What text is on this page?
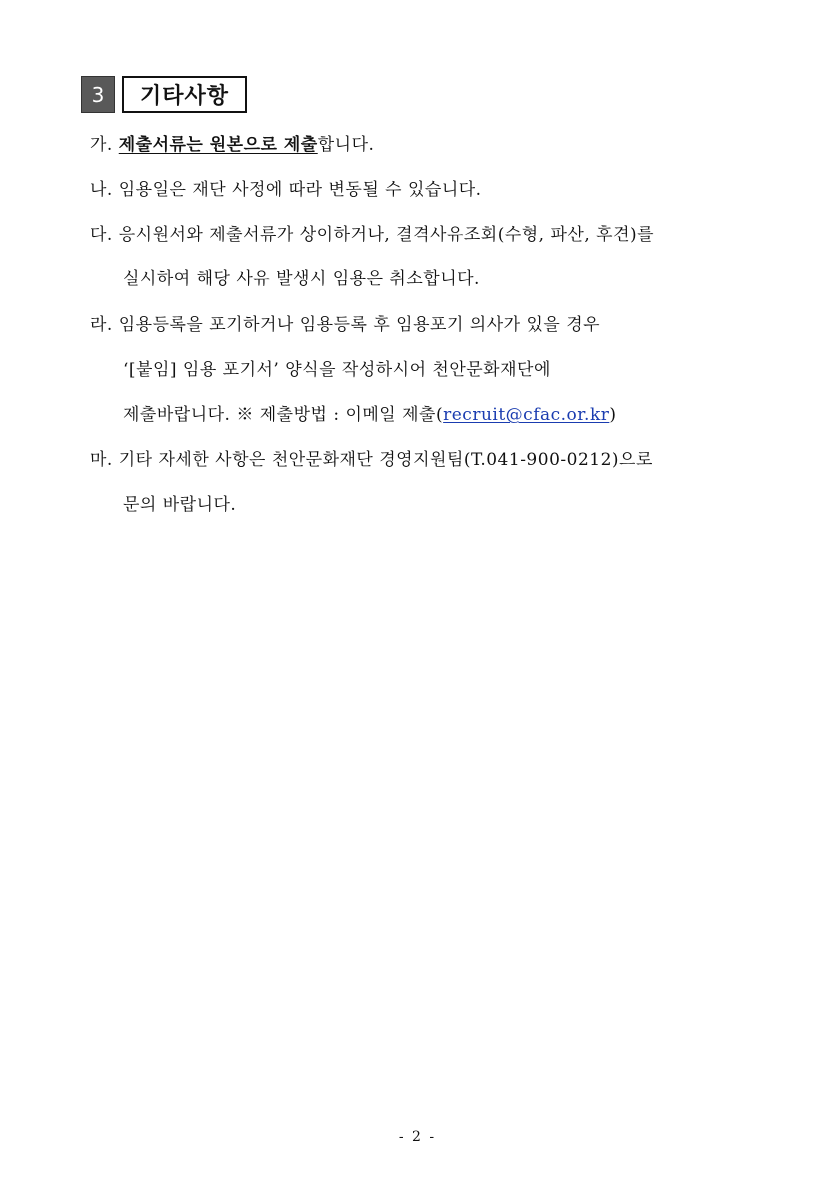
3	기타사항
가. 제출서류는 원본으로 제출합니다.
나. 임용일은 재단 사정에 따라 변동될 수 있습니다.
다. 응시원서와 제출서류가 상이하거나, 결격사유조회(수형, 파산, 후견)를
실시하여 해당 사유 발생시 임용은 취소합니다.
라. 임용등록을 포기하거나 임용등록 후 임용포기 의사가 있을 경우
‘[붙임] 임용 포기서’ 양식을 작성하시어 천안문화재단에
제출바랍니다. ※ 제출방법 : 이메일 제출(recruit@cfac.or.kr)
마. 기타 자세한 사항은 천안문화재단 경영지원팀(T.041-900-0212)으로
문의 바랍니다.
- 2 -
